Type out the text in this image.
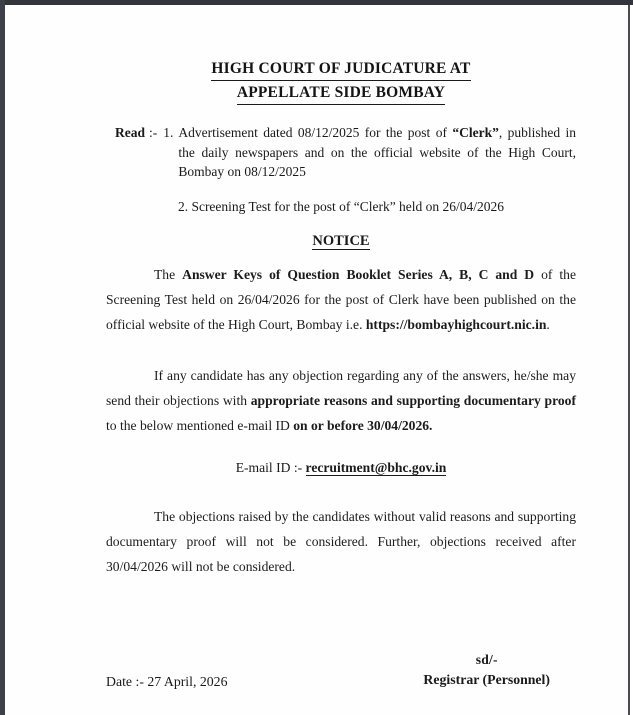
HIGH COURT OF JUDICATURE AT
APPELLATE SIDE BOMBAY
Read :- 1. Advertisement dated 08/12/2025 for the post of “Clerk”, published in the daily newspapers and on the official website of the High Court, Bombay on 08/12/2025
2. Screening Test for the post of “Clerk” held on 26/04/2026
NOTICE

The Answer Keys of Question Booklet Series A, B, C and D of the Screening Test held on 26/04/2026 for the post of Clerk have been published on the official website of the High Court, Bombay i.e. https://bombayhighcourt.nic.in.

If any candidate has any objection regarding any of the answers, he/she may send their objections with appropriate reasons and supporting documentary proof to the below mentioned e-mail ID on or before 30/04/2026.

E-mail ID :- recruitment@bhc.gov.in

The objections raised by the candidates without valid reasons and supporting documentary proof will not be considered. Further, objections received after 30/04/2026 will not be considered.

Date :- 27 April, 2026
sd/-
Registrar (Personnel)
